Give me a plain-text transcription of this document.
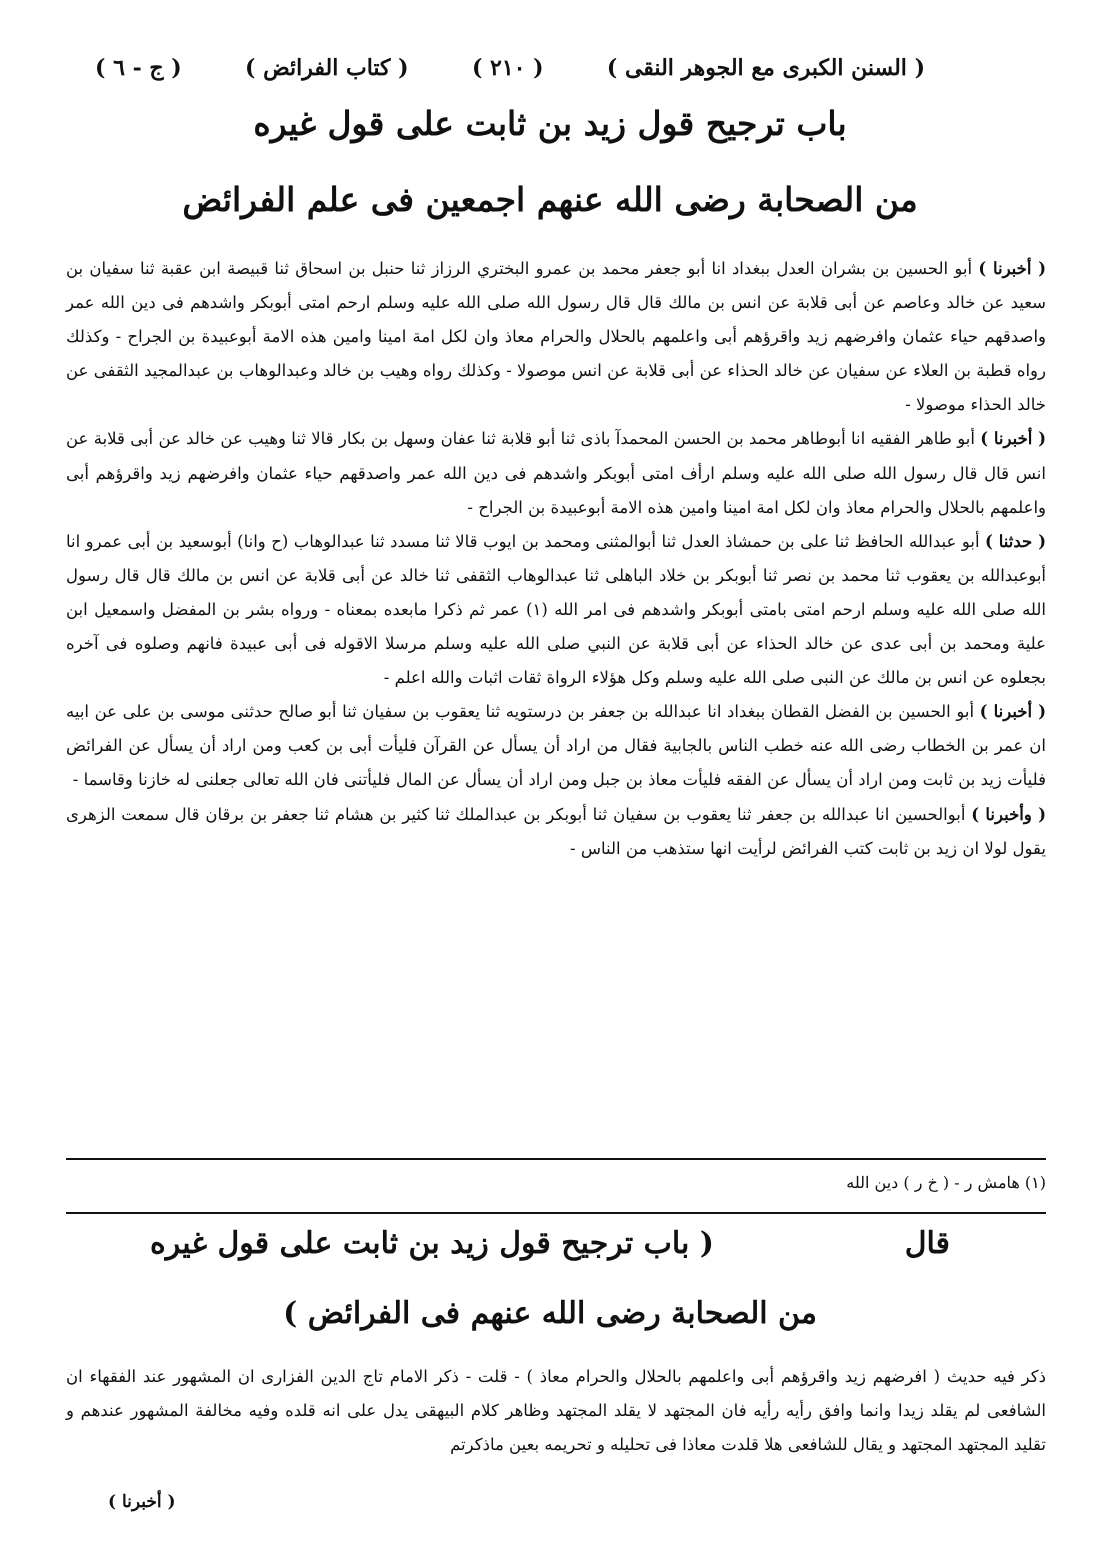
( السنن الكبرى مع الجوهر النقى )
( ٢١٠ )
( كتاب الفرائض )
( ج - ٦ )
باب ترجيح قول زيد بن ثابت على قول غيره
من الصحابة رضى الله عنهم اجمعين فى علم الفرائض

( أخبرنا ) أبو الحسين بن بشران العدل ببغداد انا أبو جعفر محمد بن عمرو البختري الرزاز ثنا حنبل بن اسحاق ثنا قبيصة ابن عقبة ثنا سفيان بن سعيد عن خالد وعاصم عن أبى قلابة عن انس بن مالك قال قال رسول الله صلى الله عليه وسلم ارحم امتى أبوبكر واشدهم فى دين الله عمر واصدقهم حياء عثمان وافرضهم زيد واقرؤهم أبى واعلمهم بالحلال والحرام معاذ وان لكل امة امينا وامين هذه الامة أبوعبيدة بن الجراح - وكذلك رواه قطبة بن العلاء عن سفيان عن خالد الحذاء عن أبى قلابة عن انس موصولا - وكذلك رواه وهيب بن خالد وعبدالوهاب بن عبدالمجيد الثقفى عن خالد الحذاء موصولا -

( أخبرنا ) أبو طاهر الفقيه انا أبوطاهر محمد بن الحسن المحمدآ باذى ثنا أبو قلابة ثنا عفان وسهل بن بكار قالا ثنا وهيب عن خالد عن أبى قلابة عن انس قال قال رسول الله صلى الله عليه وسلم ارأف امتى أبوبكر واشدهم فى دين الله عمر واصدقهم حياء عثمان وافرضهم زيد واقرؤهم أبى واعلمهم بالحلال والحرام معاذ وان لكل امة امينا وامين هذه الامة أبوعبيدة بن الجراح -

( حدثنا ) أبو عبدالله الحافظ ثنا على بن حمشاذ العدل ثنا أبوالمثنى ومحمد بن ايوب قالا ثنا مسدد ثنا عبدالوهاب (ح وانا) أبوسعيد بن أبى عمرو انا أبوعبدالله بن يعقوب ثنا محمد بن نصر ثنا أبوبكر بن خلاد الباهلى ثنا عبدالوهاب الثقفى ثنا خالد عن أبى قلابة عن انس بن مالك قال قال رسول الله صلى الله عليه وسلم ارحم امتى بامتى أبوبكر واشدهم فى امر الله (١) عمر ثم ذكرا مابعده بمعناه - ورواه بشر بن المفضل واسمعيل ابن علية ومحمد بن أبى عدى عن خالد الحذاء عن أبى قلابة عن النبي صلى الله عليه وسلم مرسلا الاقوله فى أبى عبيدة فانهم وصلوه فى آخره بجعلوه عن انس بن مالك عن النبى صلى الله عليه وسلم وكل هؤلاء الرواة ثقات اثبات والله اعلم -

( أخبرنا ) أبو الحسين بن الفضل القطان ببغداد انا عبدالله بن جعفر بن درستويه ثنا يعقوب بن سفيان ثنا أبو صالح حدثنى موسى بن على عن ابيه ان عمر بن الخطاب رضى الله عنه خطب الناس بالجابية فقال من اراد أن يسأل عن القرآن فليأت أبى بن كعب ومن اراد أن يسأل عن الفرائض فليأت زيد بن ثابت ومن اراد أن يسأل عن الفقه فليأت معاذ بن جبل ومن اراد أن يسأل عن المال فليأتنى فان الله تعالى جعلنى له خازنا وقاسما -

( وأخبرنا ) أبوالحسين انا عبدالله بن جعفر ثنا يعقوب بن سفيان ثنا أبوبكر بن عبدالملك ثنا كثير بن هشام ثنا جعفر بن برقان قال سمعت الزهرى يقول لولا ان زيد بن ثابت كتب الفرائض لرأيت انها ستذهب من الناس -

(١) هامش ر - ( خ ر ) دين الله
قال
( باب ترجيح قول زيد بن ثابت على قول غيره
من الصحابة رضى الله عنهم فى الفرائض )

ذكر فيه حديث ( افرضهم زيد واقرؤهم أبى واعلمهم بالحلال والحرام معاذ ) - قلت - ذكر الامام تاج الدين الفزارى ان المشهور عند الفقهاء ان الشافعى لم يقلد زيدا وانما وافق رأيه رأيه فان المجتهد لا يقلد المجتهد وظاهر كلام البيهقى يدل على انه قلده وفيه مخالفة المشهور عندهم و تقليد المجتهد المجتهد و يقال للشافعى هلا قلدت معاذا فى تحليله و تحريمه بعين ماذكرتم

( أخبرنا )
